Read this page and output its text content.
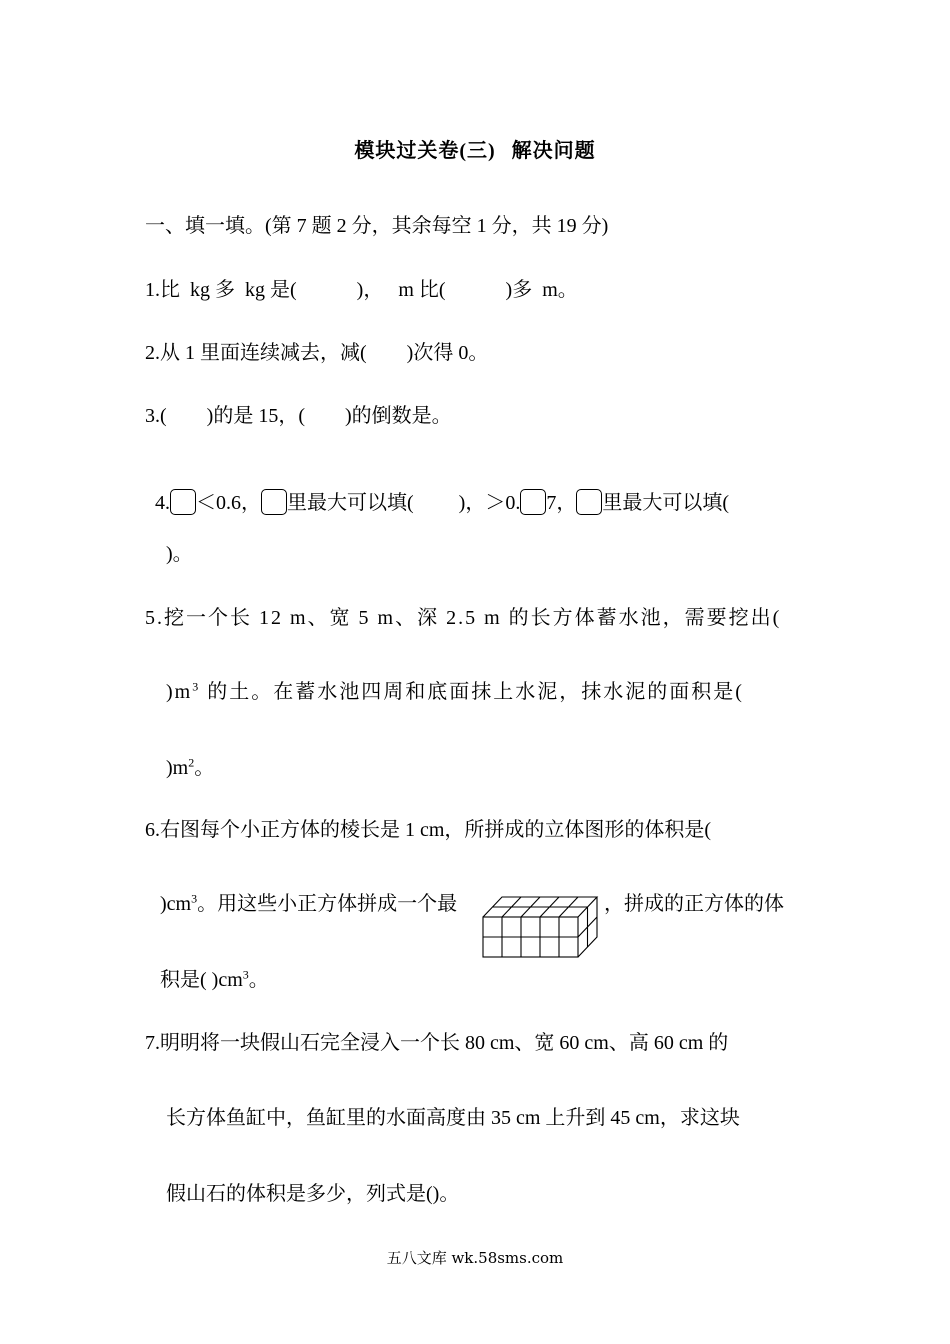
模块过关卷(三) 解决问题
一、填一填。(第 7 题 2 分，其余每空 1 分，共 19 分)
1.比  kg 多  kg 是(            )，   m 比(            )多  m。
2.从 1 里面连续减去，减(        )次得 0。
3.(        )的是 15，(        )的倒数是。

4. ＜0.6， 里最大可以填(         )，＞0. 7， 里最大可以填(

)。
5.挖一个长 12 m、宽 5 m、深 2.5 m 的长方体蓄水池，需要挖出(
)$m^3$ 的土。在蓄水池四周和底面抹上水泥，抹水泥的面积是(
)$m^2$。
6.右图每个小正方体的棱长是 1 cm，所拼成的立体图形的体积是(
)$cm^3$。用这些小正方体拼成一个最	，拼成的正方体的体
积是( )$cm^3$。
7.明明将一块假山石完全浸入一个长 80 cm、宽 60 cm、高 60 cm 的
长方体鱼缸中，鱼缸里的水面高度由 35 cm 上升到 45 cm，求这块
假山石的体积是多少，列式是()。
五八文库 wk.58sms.com
